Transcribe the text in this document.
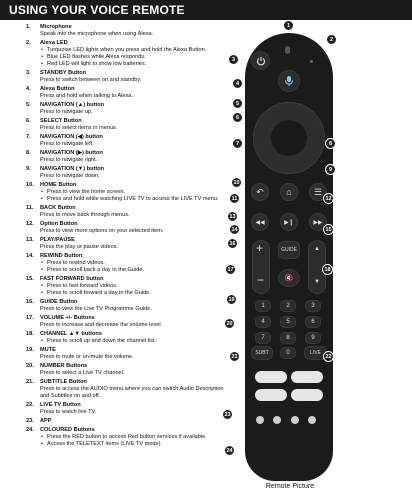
USING YOUR VOICE REMOTE
1. Microphone
Speak into the microphone when using Alexa.
2. Alexa LED
• Turquoise LED lights when you press and hold the Alexa Button.
• Blue LED flashes while Alexa responds.
• Red LED will light to show low batteries.
3. STANDBY Button
Press to switch between on and standby.
4. Alexa Button
Press and hold when talking to Alexa.
5. NAVIGATION (▲) button
Press to navigate up.
6. SELECT Button
Press to select items in menus.
7. NAVIGATION (◀) button
Press to navigate left.
8. NAVIGATION (▶) button
Press to navigate right.
9. NAVIGATION (▼) button
Press to navigate down.
10. HOME Button
• Press to view the home screen.
• Press and hold while watching LIVE TV to access the LIVE TV menu.
11. BACK Button
Press to move back through menus.
12. Option Button
Press to view more options on your selected item.
13. PLAY/PAUSE
Press the play or pause videos.
14. REWIND Button
• Press to rewind videos.
• Press to scroll back a day in the Guide.
15. FAST FORWARD button
• Press to fast forward videos.
• Press to scroll forward a day in the Guide.
16. GUIDE Button
Press to view the Live TV Programme Guide.
17. VOLUME +/- Buttons
Press to increase and decrease the volume level.
18. CHANNEL ▲▼ buttons
• Press to scroll up and down the channel list.
19. MUTE
Press to mute or un-mute the volume.
20. NUMBER Buttons
Press to select a Live TV channel.
21. SUBTITLE Button
Press to access the AUDIO menu where you can switch Audio Description and Subtitles on and off.
22. LIVE TV Button
Press to watch live TV.
23. APP
24. COLOURED Buttons
• Press the RED button to access Red button services if available.
• Access the TELETEXT items (LIVE TV mode).
↶	⌂	☰
◀◀	▶❙	▶▶
+
−
▲
▼
GUIDE
🔇
1	2	3
4	5	6
7	8	9
SUBT	0	LIVE
Remote Picture
1
2
3
4
5
6
7	8
9
10
11	12
13
14	15
16
17	18
19
20
21	22
23
24
